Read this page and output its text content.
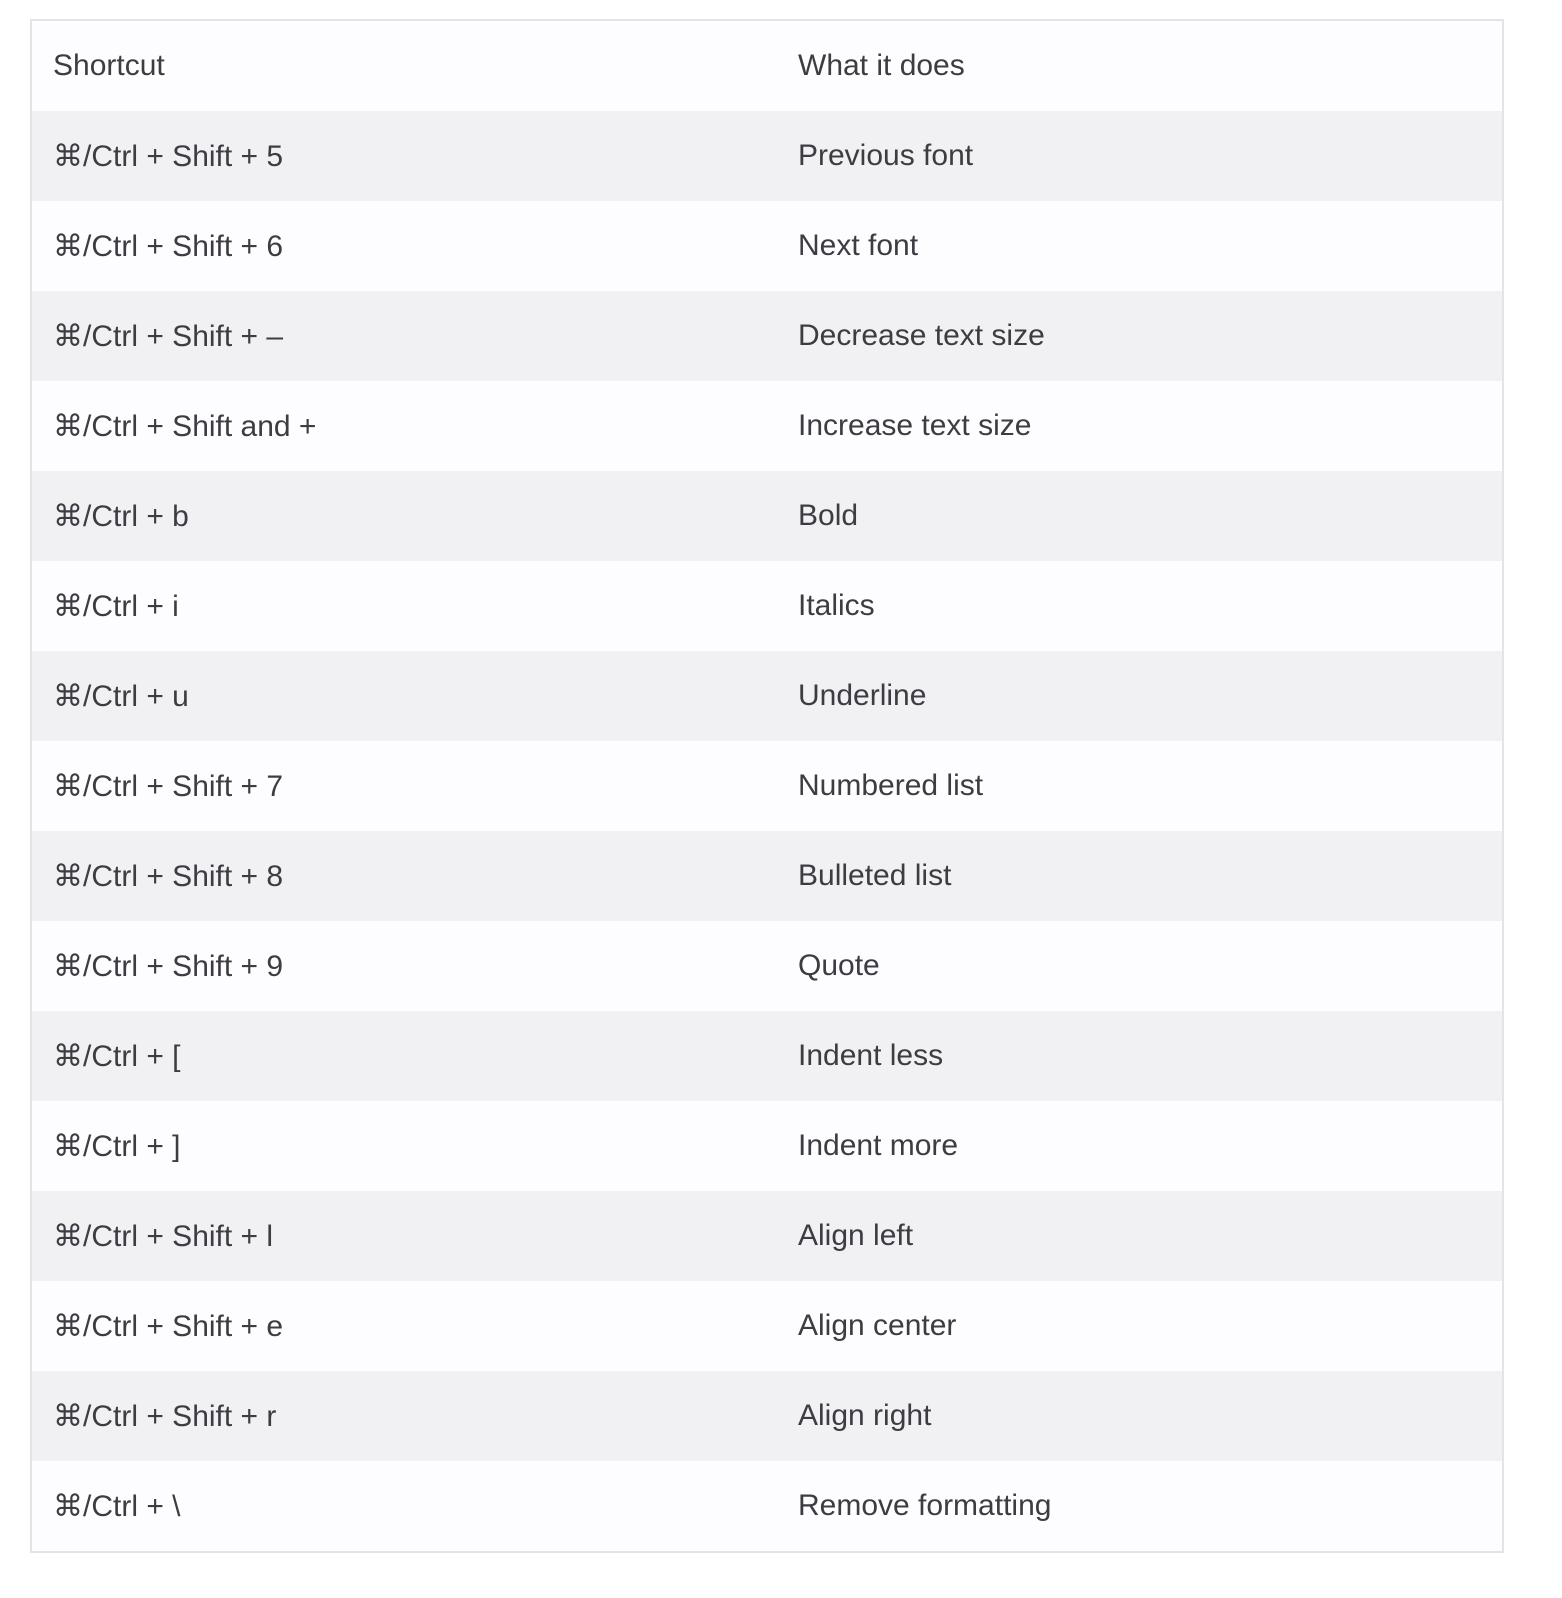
Shortcut	What it does
⌘/Ctrl + Shift + 5	Previous font
⌘/Ctrl + Shift + 6	Next font
⌘/Ctrl + Shift + –	Decrease text size
⌘/Ctrl + Shift and +	Increase text size
⌘/Ctrl + b	Bold
⌘/Ctrl + i	Italics
⌘/Ctrl + u	Underline
⌘/Ctrl + Shift + 7	Numbered list
⌘/Ctrl + Shift + 8	Bulleted list
⌘/Ctrl + Shift + 9	Quote
⌘/Ctrl + [	Indent less
⌘/Ctrl + ]	Indent more
⌘/Ctrl + Shift + l	Align left
⌘/Ctrl + Shift + e	Align center
⌘/Ctrl + Shift + r	Align right
⌘/Ctrl + \	Remove formatting
